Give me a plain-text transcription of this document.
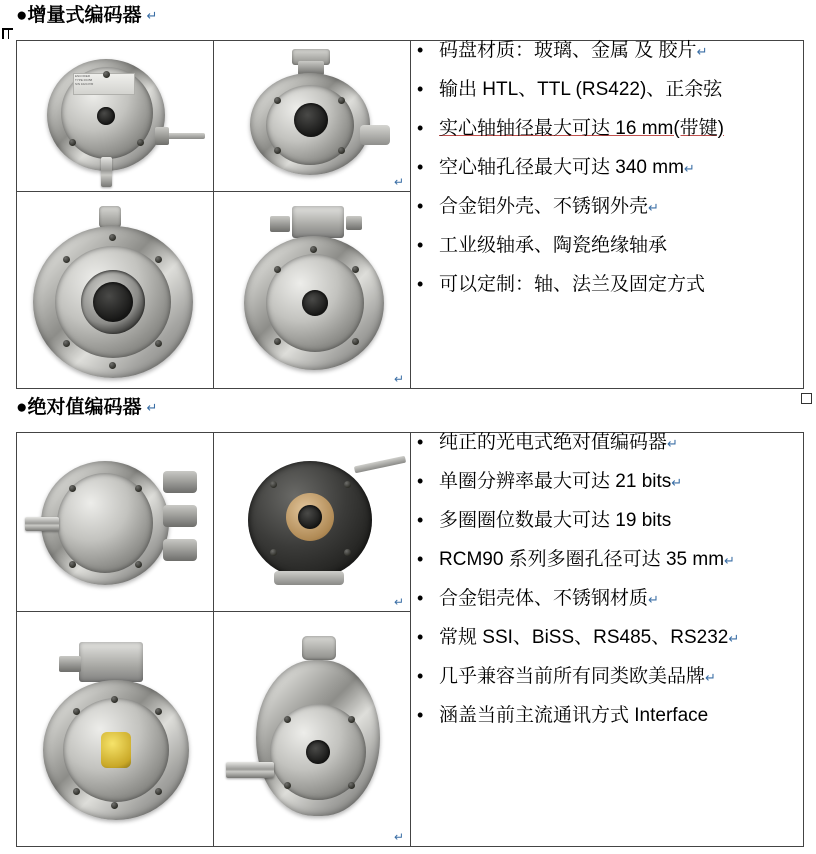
●增量式编码器 ↵
ENCODER
TYPE RCI58
S/N 1024 P/R

↵

• 码盘材质：玻璃、金属 及 胶片↵
• 输出 HTL、TTL (RS422)、正余弦
• 实心轴轴径最大可达 16 mm(带键)
• 空心轴孔径最大可达 340 mm↵
• 合金铝外壳、不锈钢外壳↵
• 工业级轴承、陶瓷绝缘轴承
• 可以定制：轴、法兰及固定方式

	↵	
●绝对值编码器 ↵

↵

• 纯正的光电式绝对值编码器↵
• 单圈分辨率最大可达 21 bits↵
• 多圈圈位数最大可达 19 bits
• RCM90 系列多圈孔径可达 35 mm↵
• 合金铝壳体、不锈钢材质↵
• 常规 SSI、BiSS、RS485、RS232↵
• 几乎兼容当前所有同类欧美品牌↵
• 涵盖当前主流通讯方式 Interface

	↵	
